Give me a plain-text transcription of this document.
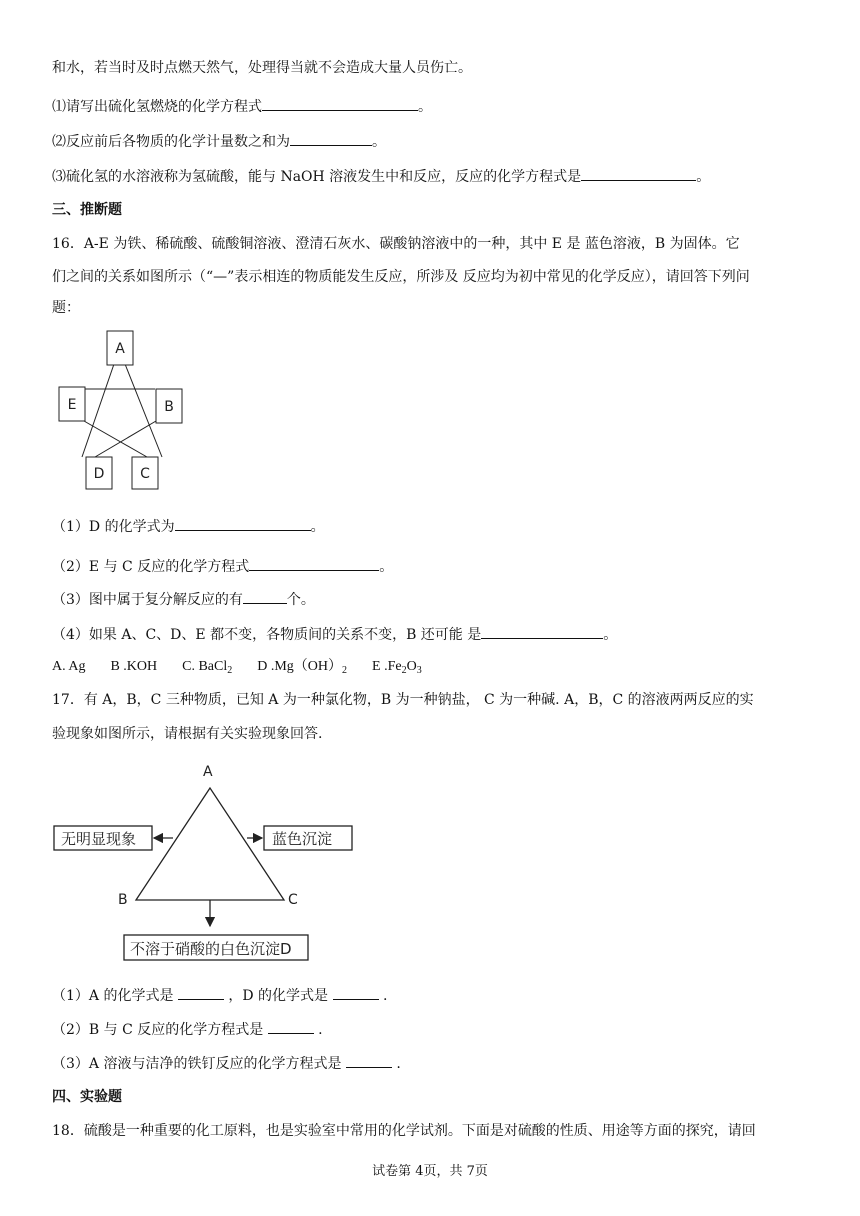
和水，若当时及时点燃天然气，处理得当就不会造成大量人员伤亡。
⑴请写出硫化氢燃烧的化学方程式	。
⑵反应前后各物质的化学计量数之和为	。
⑶硫化氢的水溶液称为氢硫酸，能与 NaOH 溶液发生中和反应，反应的化学方程式是	。
三、推断题
16．A-E 为铁、稀硫酸、硫酸铜溶液、澄清石灰水、碳酸钠溶液中的一种，其中 E 是 蓝色溶液，B 为固体。它
们之间的关系如图所示（“—”表示相连的物质能发生反应，所涉及 反应均为初中常见的化学反应），请回答下列问
题：
A
B
C
D
E
（1）D 的化学式为	。
（2）E 与 C 反应的化学方程式	。
（3）图中属于复分解反应的有	个。
（4）如果 A、C、D、E 都不变，各物质间的关系不变，B 还可能 是	。
A. Ag B .KOH C. BaCl$_2$ D $.Mg(OH)_2$ E $.Fe_2O_3$
17．有 A，B，C 三种物质，已知 A 为一种氯化物，B 为一种钠盐， C 为一种碱. A，B，C 的溶液两两反应的实
验现象如图所示，请根据有关实验现象回答.
A
B	C
无明显现象	蓝色沉淀
不溶于硝酸的白色沉淀D
（1）A 的化学式是	，D 的化学式是	.
（2）B 与 C 反应的化学方程式是	.
（3）A 溶液与洁净的铁钉反应的化学方程式是	.
四、实验题
18．硫酸是一种重要的化工原料，也是实验室中常用的化学试剂。下面是对硫酸的性质、用途等方面的探究，请回
试卷第 4页，共 7页
